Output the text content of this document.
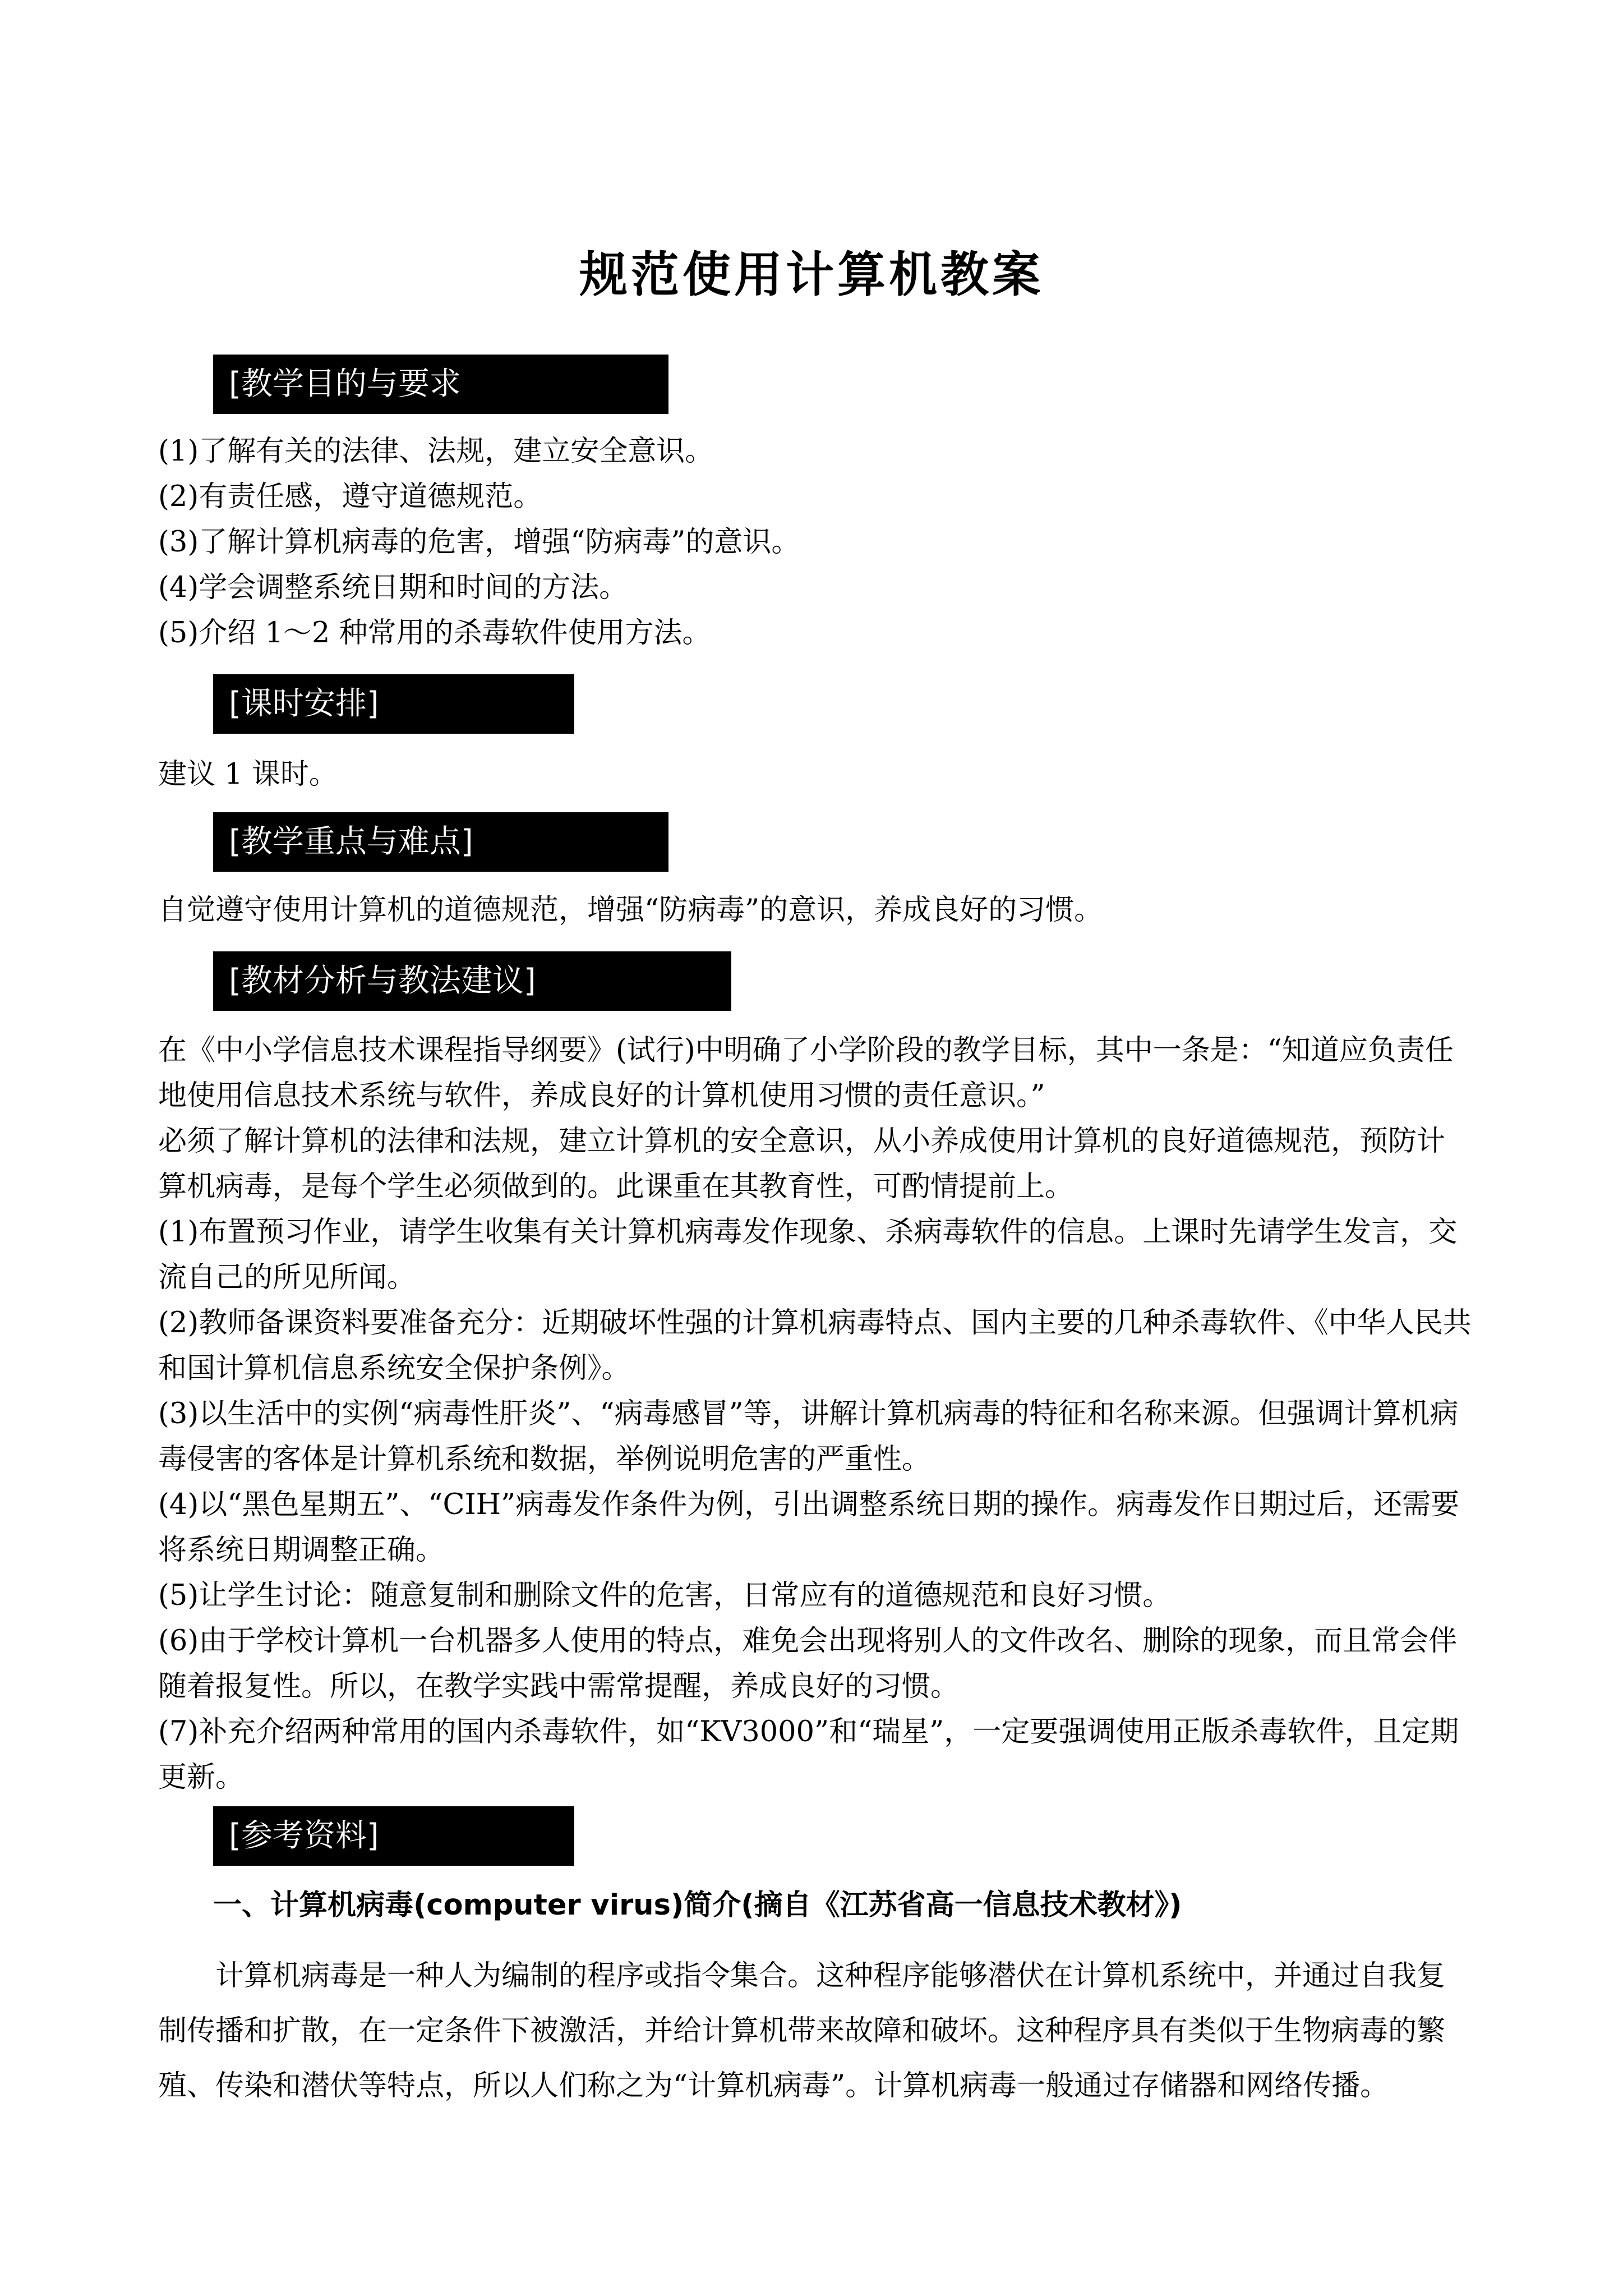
规范使用计算机教案
[教学目的与要求

(1)了解有关的法律、法规，建立安全意识。

(2)有责任感，遵守道德规范。

(3)了解计算机病毒的危害，增强“防病毒”的意识。

(4)学会调整系统日期和时间的方法。

(5)介绍 1～2 种常用的杀毒软件使用方法。

[课时安排]
建议 1 课时。
[教学重点与难点]
自觉遵守使用计算机的道德规范，增强“防病毒”的意识，养成良好的习惯。
[教材分析与教法建议]

在《中小学信息技术课程指导纲要》(试行)中明确了小学阶段的教学目标，其中一条是：“知道应负责任地使用信息技术系统与软件，养成良好的计算机使用习惯的责任意识。”

必须了解计算机的法律和法规，建立计算机的安全意识，从小养成使用计算机的良好道德规范，预防计算机病毒，是每个学生必须做到的。此课重在其教育性，可酌情提前上。

(1)布置预习作业，请学生收集有关计算机病毒发作现象、杀病毒软件的信息。上课时先请学生发言，交流自己的所见所闻。

(2)教师备课资料要准备充分：近期破坏性强的计算机病毒特点、国内主要的几种杀毒软件、《中华人民共和国计算机信息系统安全保护条例》。

(3)以生活中的实例“病毒性肝炎”、“病毒感冒”等，讲解计算机病毒的特征和名称来源。但强调计算机病毒侵害的客体是计算机系统和数据，举例说明危害的严重性。

(4)以“黑色星期五”、“CIH”病毒发作条件为例，引出调整系统日期的操作。病毒发作日期过后，还需要将系统日期调整正确。

(5)让学生讨论：随意复制和删除文件的危害，日常应有的道德规范和良好习惯。

(6)由于学校计算机一台机器多人使用的特点，难免会出现将别人的文件改名、删除的现象，而且常会伴随着报复性。所以，在教学实践中需常提醒，养成良好的习惯。

(7)补充介绍两种常用的国内杀毒软件，如“KV3000”和“瑞星”，一定要强调使用正版杀毒软件，且定期更新。

[参考资料]
一、计算机病毒(computer virus)简介(摘自《江苏省高一信息技术教材》)
计算机病毒是一种人为编制的程序或指令集合。这种程序能够潜伏在计算机系统中，并通过自我复制传播和扩散，在一定条件下被激活，并给计算机带来故障和破坏。这种程序具有类似于生物病毒的繁殖、传染和潜伏等特点，所以人们称之为“计算机病毒”。计算机病毒一般通过存储器和网络传播。
